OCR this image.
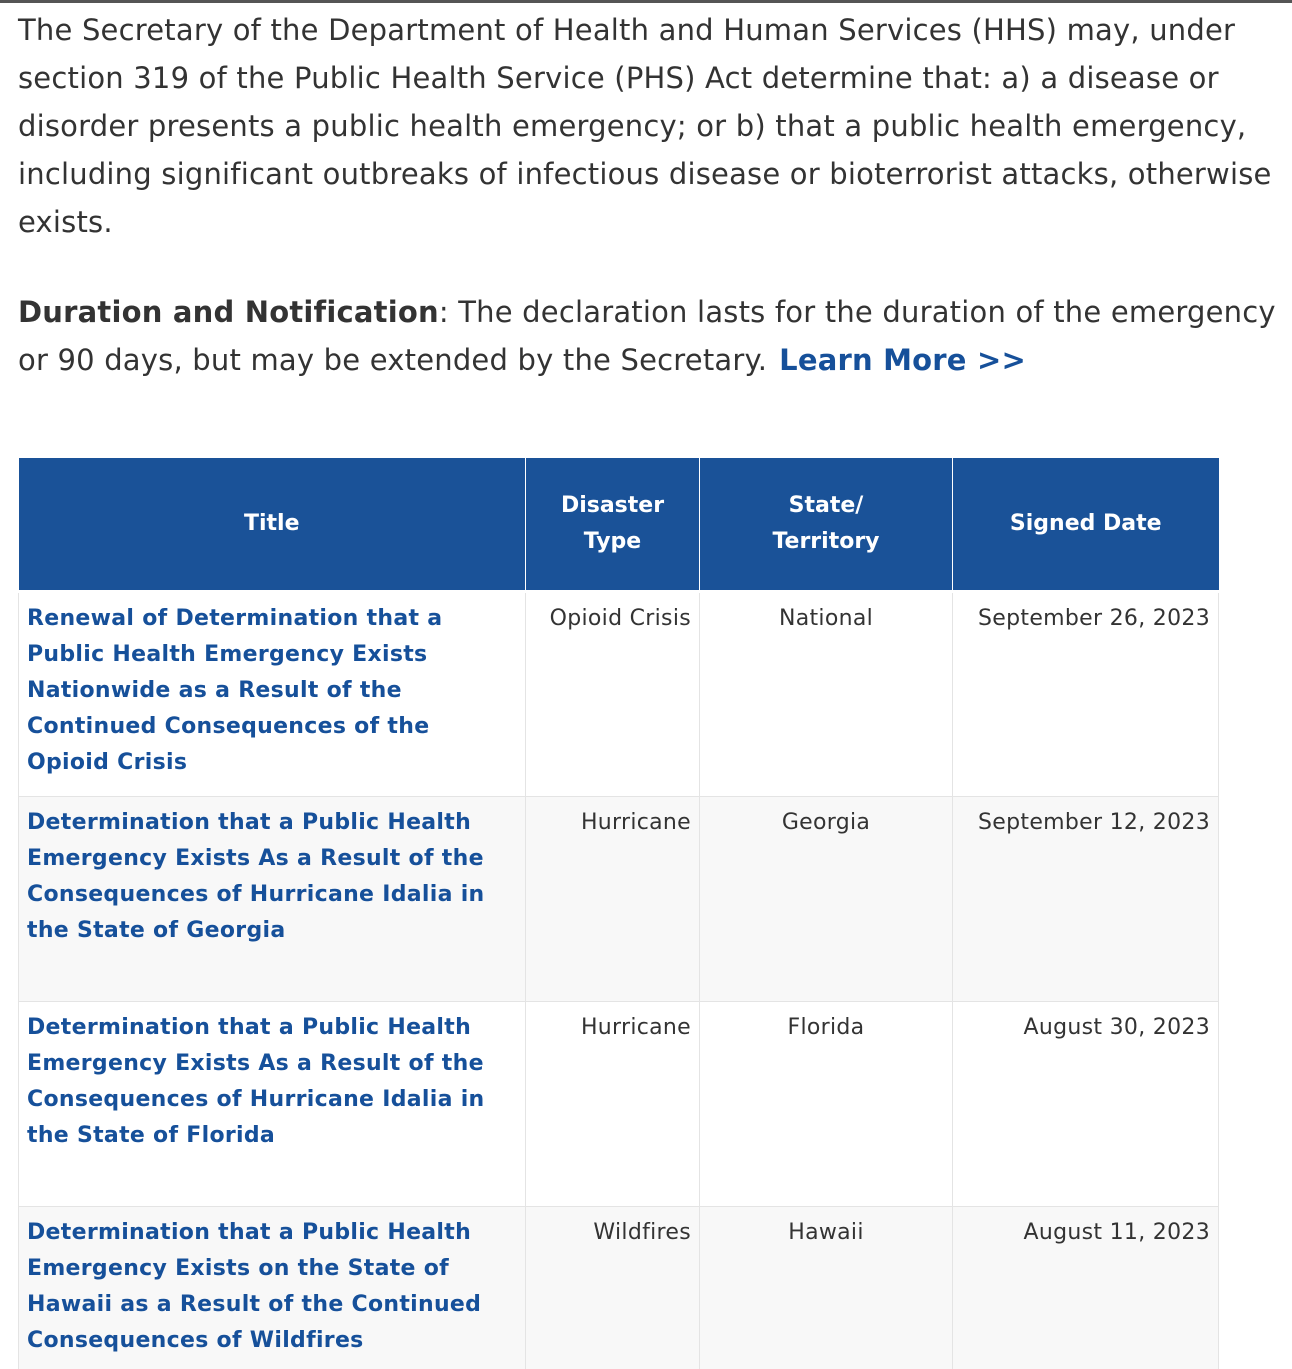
The Secretary of the Department of Health and Human Services (HHS) may, under section 319 of the Public Health Service (PHS) Act determine that: a) a disease or disorder presents a public health emergency; or b) that a public health emergency, including significant outbreaks of infectious disease or bioterrorist attacks, otherwise exists.

Duration and Notification: The declaration lasts for the duration of the emergency or 90 days, but may be extended by the Secretary. Learn More >>

Title	Disaster Type	State/ Territory	Signed Date
Renewal of Determination that a Public Health Emergency Exists Nationwide as a Result of the Continued Consequences of the Opioid Crisis	Opioid Crisis	National	September 26, 2023
Determination that a Public Health Emergency Exists As a Result of the Consequences of Hurricane Idalia in the State of Georgia	Hurricane	Georgia	September 12, 2023
Determination that a Public Health Emergency Exists As a Result of the Consequences of Hurricane Idalia in the State of Florida	Hurricane	Florida	August 30, 2023
Determination that a Public Health Emergency Exists on the State of Hawaii as a Result of the Continued Consequences of Wildfires	Wildfires	Hawaii	August 11, 2023
